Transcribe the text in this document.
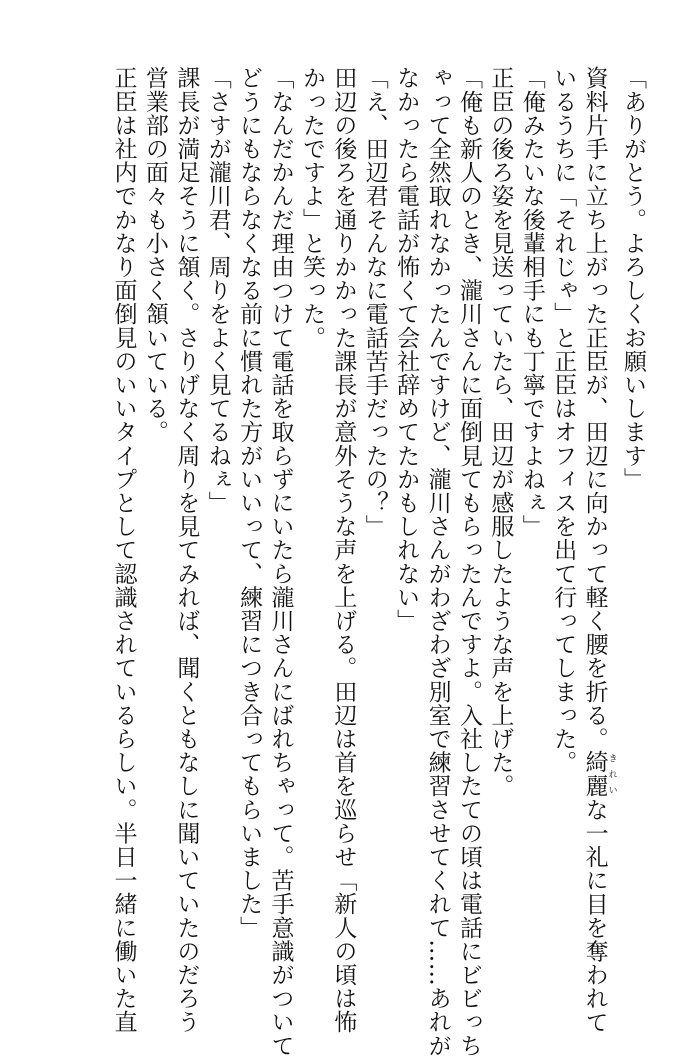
「ありがとう。よろしくお願いします」
資料片手に立ち上がった正臣が、田辺に向かって軽く腰を折る。綺麗 きれいな一礼に目を奪われて
いるうちに「それじゃ」と正臣はオフィスを出て行ってしまった。
「俺みたいな後輩相手にも丁寧ですよねぇ」
正臣の後ろ姿を見送っていたら、田辺が感服したような声を上げた。
「俺も新人のとき、瀧川さんに面倒見てもらったんですよ。入社したての頃は電話にビビっち
ゃって全然取れなかったんですけど、瀧川さんがわざわざ別室で練習させてくれて……あれが
なかったら電話が怖くて会社辞めてたかもしれない」
「え、田辺君そんなに電話苦手だったの？」
田辺の後ろを通りかかった課長が意外そうな声を上げる。田辺は首を巡らせ「新人の頃は怖
かったですよ」と笑った。
「なんだかんだ理由つけて電話を取らずにいたら瀧川さんにばれちゃって。苦手意識がついて
どうにもならなくなる前に慣れた方がいいって、練習につき合ってもらいました」
「さすが瀧川君、周りをよく見てるねぇ」
課長が満足そうに頷く。さりげなく周りを見てみれば、聞くともなしに聞いていたのだろう
営業部の面々も小さく頷いている。
正臣は社内でかなり面倒見のいいタイプとして認識されているらしい。半日一緒に働いた直
